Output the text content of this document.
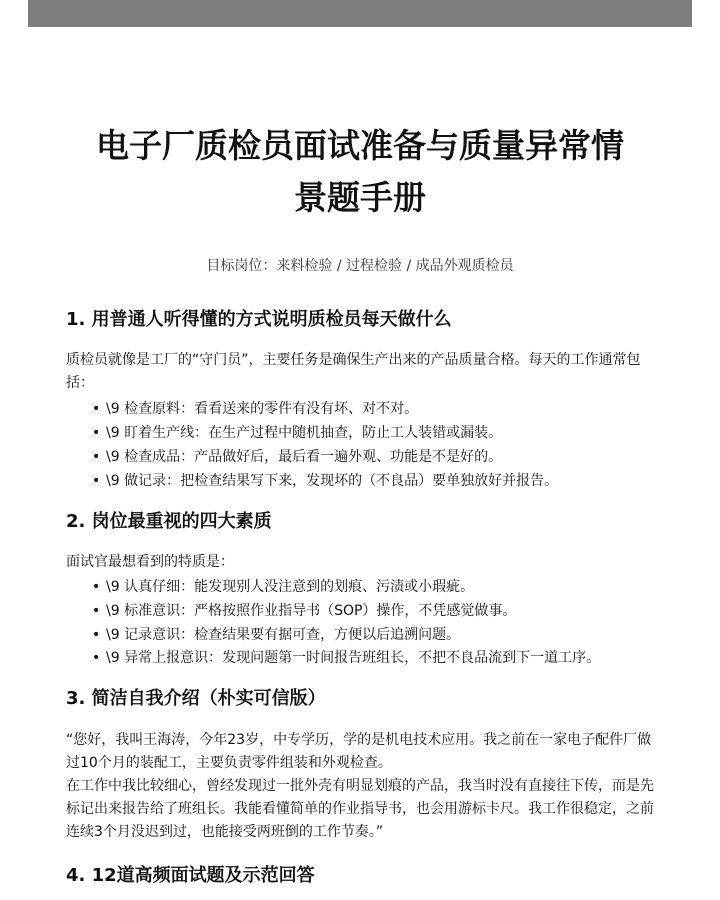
电子厂质检员面试准备与质量异常情
景题手册
目标岗位：来料检验 / 过程检验 / 成品外观质检员
1. 用普通人听得懂的方式说明质检员每天做什么

质检员就像是工厂的“守门员”，主要任务是确保生产出来的产品质量合格。每天的工作通常包括：

• \9 检查原料：看看送来的零件有没有坏、对不对。
• \9 盯着生产线：在生产过程中随机抽查，防止工人装错或漏装。
• \9 检查成品：产品做好后，最后看一遍外观、功能是不是好的。
• \9 做记录：把检查结果写下来，发现坏的（不良品）要单独放好并报告。
2. 岗位最重视的四大素质

面试官最想看到的特质是：

• \9 认真仔细：能发现别人没注意到的划痕、污渍或小瑕疵。
• \9 标准意识：严格按照作业指导书（SOP）操作，不凭感觉做事。
• \9 记录意识：检查结果要有据可查，方便以后追溯问题。
• \9 异常上报意识：发现问题第一时间报告班组长，不把不良品流到下一道工序。
3. 简洁自我介绍（朴实可信版）

“您好，我叫王海涛，今年23岁，中专学历，学的是机电技术应用。我之前在一家电子配件厂做过10个月的装配工，主要负责零件组装和外观检查。

在工作中我比较细心，曾经发现过一批外壳有明显划痕的产品，我当时没有直接往下传，而是先标记出来报告给了班组长。我能看懂简单的作业指导书，也会用游标卡尺。我工作很稳定，之前连续3个月没迟到过，也能接受两班倒的工作节奏。”

4. 12道高频面试题及示范回答
